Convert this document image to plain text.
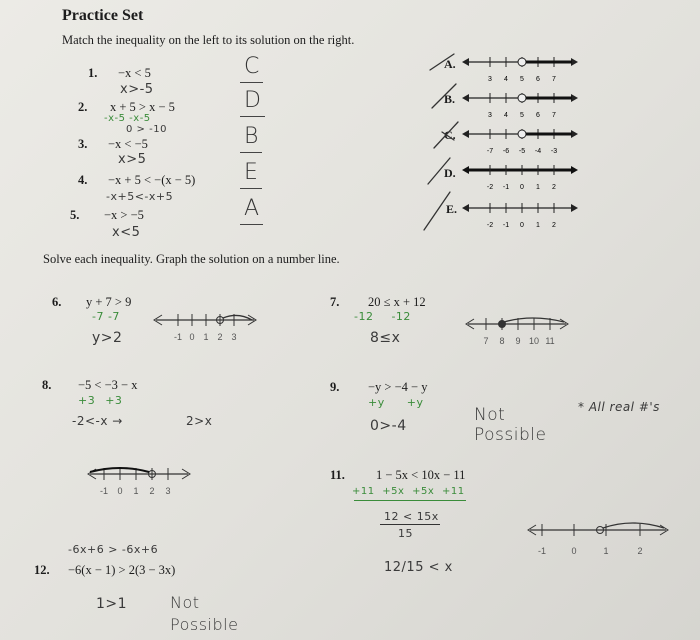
Practice Set
Match the inequality on the left to its solution on the right.
1. −x < 5
x>-5
C
2. x + 5 > x − 5
-x-5 -x-5
0 > -10
D
3. −x < −5
x>5
B
4. −x + 5 < −(x − 5)
-x+5<-x+5
E
5. −x > −5
x<5
A
A.
3 4 5 6 7
B.
3 4 5 6 7
C.
-7 -6 -5 -4 -3
D.
-2 -1 0 1 2
E.
-2 -1 0 1 2
Solve each inequality. Graph the solution on a number line.
6. y + 7 > 9
-7 -7
y>2	-1 0 1 2 3
7. 20 ≤ x + 12
-12 -12
8≤x	7 8 9 10 11
8. −5 < −3 − x
+3 +3
-2<-x →	2>x
-1 0 1 2 3
9. −y > −4 − y
+y +y
0>-4
Not Possible
* All real #'s
11. 1 − 5x < 10x − 11
+11 +5x +5x +11
12 < 15x
15
12/15 < x
-1	0	1	2
-6x+6 > -6x+6
12. −6(x − 1) > 2(3 − 3x)
1>1	Not Possible
